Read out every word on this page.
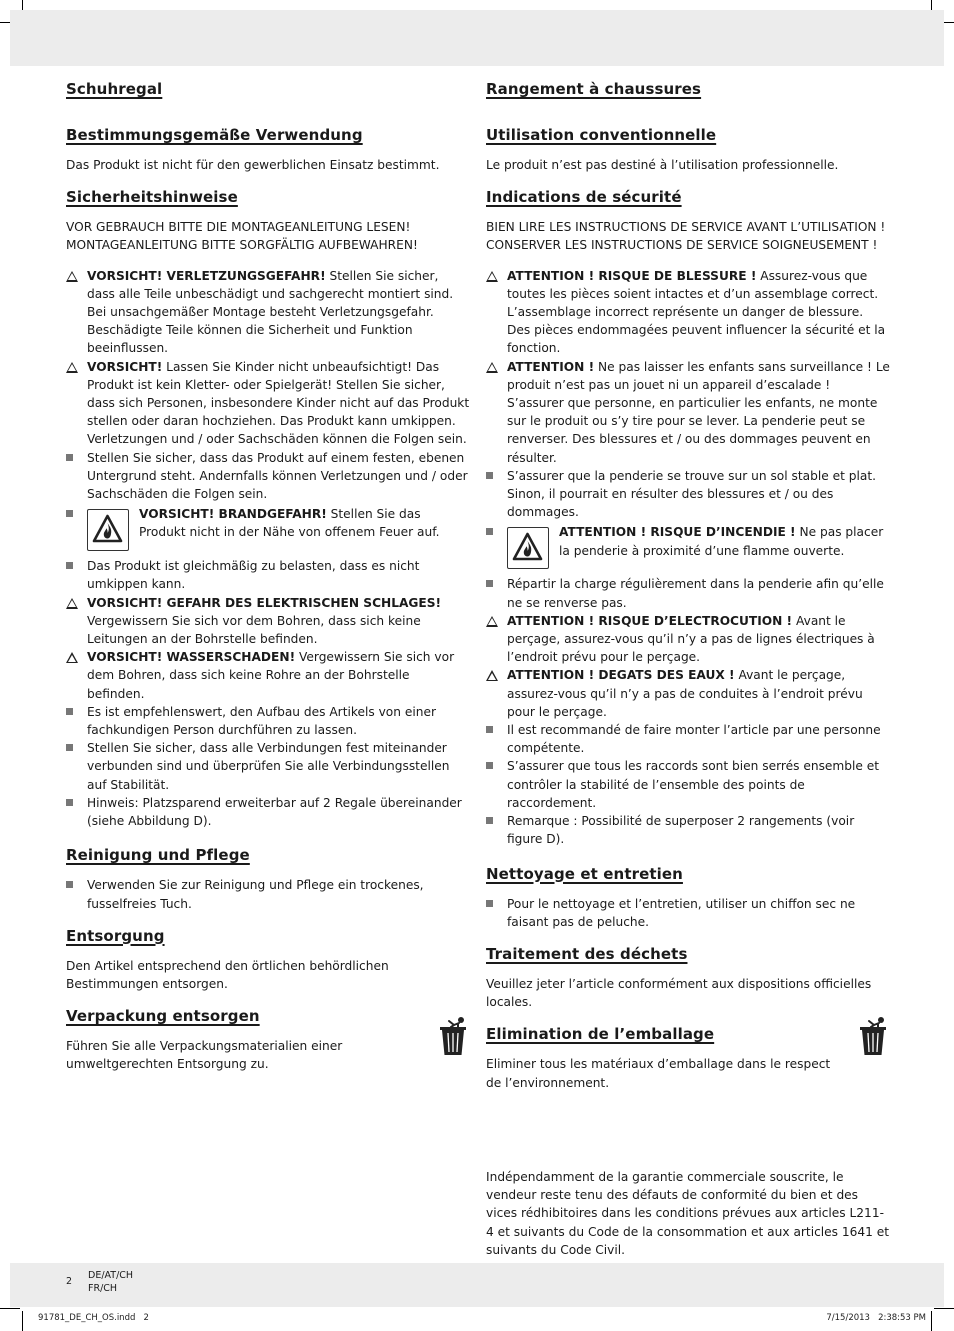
Schuhregal
Bestimmungsgemäße Verwendung

Das Produkt ist nicht für den gewerblichen Einsatz bestimmt.

Sicherheitshinweise

VOR GEBRAUCH BITTE DIE MONTAGEANLEITUNG LESEN! MONTAGEANLEITUNG BITTE SORGFÄLTIG AUFBEWAHREN!

VORSICHT! VERLETZUNGSGEFAHR! Stellen Sie sicher, dass alle Teile unbeschädigt und sachgerecht montiert sind. Bei unsachgemäßer Montage besteht Verletzungsgefahr. Beschädigte Teile können die Sicherheit und Funktion beeinflussen.
VORSICHT! Lassen Sie Kinder nicht unbeaufsichtigt! Das Produkt ist kein Kletter- oder Spielgerät! Stellen Sie sicher, dass sich Personen, insbesondere Kinder nicht auf das Produkt stellen oder daran hochziehen. Das Produkt kann umkippen. Verletzungen und / oder Sachschäden können die Folgen sein.
Stellen Sie sicher, dass das Produkt auf einem festen, ebenen Untergrund steht. Andernfalls können Verletzungen und / oder Sachschäden die Folgen sein.
VORSICHT! BRANDGEFAHR! Stellen Sie das Produkt nicht in der Nähe von offenem Feuer auf.
Das Produkt ist gleichmäßig zu belasten, dass es nicht umkippen kann.
VORSICHT! GEFAHR DES ELEKTRISCHEN SCHLAGES! Vergewissern Sie sich vor dem Bohren, dass sich keine Leitungen an der Bohrstelle befinden.
VORSICHT! WASSERSCHADEN! Vergewissern Sie sich vor dem Bohren, dass sich keine Rohre an der Bohrstelle befinden.
Es ist empfehlenswert, den Aufbau des Artikels von einer fachkundigen Person durchführen zu lassen.
Stellen Sie sicher, dass alle Verbindungen fest miteinander verbunden sind und überprüfen Sie alle Verbindungsstellen auf Stabilität.
Hinweis: Platzsparend erweiterbar auf 2 Regale übereinander (siehe Abbildung D).
Reinigung und Pflege
Verwenden Sie zur Reinigung und Pflege ein trockenes, fusselfreies Tuch.
Entsorgung

Den Artikel entsprechend den örtlichen behördlichen Bestimmungen entsorgen.

Verpackung entsorgen

Führen Sie alle Verpackungsmaterialien einer umweltgerechten Entsorgung zu.

Rangement à chaussures
Utilisation conventionnelle

Le produit n’est pas destiné à l’utilisation professionnelle.

Indications de sécurité

BIEN LIRE LES INSTRUCTIONS DE SERVICE AVANT L’UTILISATION ! CONSERVER LES INSTRUCTIONS DE SERVICE SOIGNEUSEMENT !

ATTENTION ! RISQUE DE BLESSURE ! Assurez-vous que toutes les pièces soient intactes et d’un assemblage correct. L’assemblage incorrect représente un danger de blessure. Des pièces endommagées peuvent influencer la sécurité et la fonction.
ATTENTION ! Ne pas laisser les enfants sans surveillance ! Le produit n’est pas un jouet ni un appareil d’escalade ! S’assurer que personne, en particulier les enfants, ne monte sur le produit ou s’y tire pour se lever. La penderie peut se renverser. Des blessures et / ou des dommages peuvent en résulter.
S’assurer que la penderie se trouve sur un sol stable et plat. Sinon, il pourrait en résulter des blessures et / ou des dommages.
ATTENTION ! RISQUE D’INCENDIE ! Ne pas placer la penderie à proximité d’une flamme ouverte.
Répartir la charge régulièrement dans la penderie afin qu’elle ne se renverse pas.
ATTENTION ! RISQUE D’ELECTROCUTION ! Avant le perçage, assurez-vous qu’il n’y a pas de lignes électriques à l’endroit prévu pour le perçage.
ATTENTION ! DEGATS DES EAUX ! Avant le perçage, assurez-vous qu’il n’y a pas de conduites à l’endroit prévu pour le perçage.
Il est recommandé de faire monter l’article par une personne compétente.
S’assurer que tous les raccords sont bien serrés ensemble et contrôler la stabilité de l’ensemble des points de raccordement.
Remarque : Possibilité de superposer 2 rangements (voir figure D).
Nettoyage et entretien
Pour le nettoyage et l’entretien, utiliser un chiffon sec ne faisant pas de peluche.
Traitement des déchets

Veuillez jeter l’article conformément aux dispositions officielles locales.

Elimination de l’emballage

Eliminer tous les matériaux d’emballage dans le respect de l’environnement.

Indépendamment de la garantie commerciale souscrite, le vendeur reste tenu des défauts de conformité du bien et des vices rédhibitoires dans les conditions prévues aux articles L211-4 et suivants du Code de la consommation et aux articles 1641 et suivants du Code Civil.

2
DE/AT/CH
FR/CH
91781_DE_CH_OS.indd   2	7/15/2013   2:38:53 PM
